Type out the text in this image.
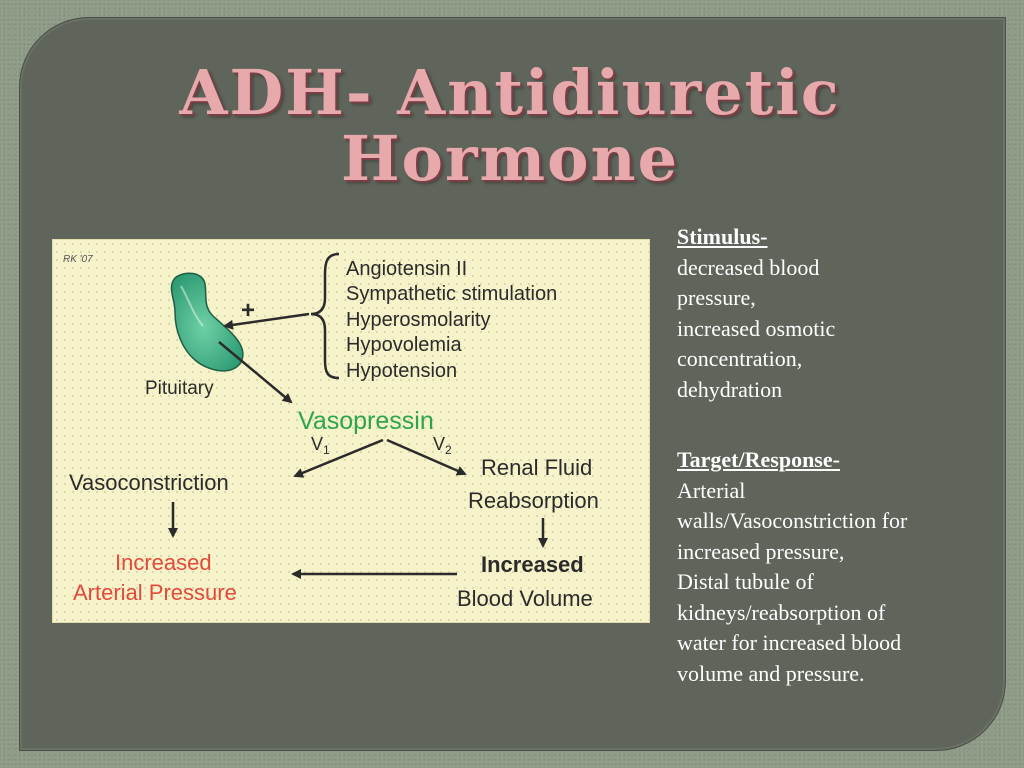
ADH- Antidiuretic
Hormone
RK '07
Pituitary
+
Angiotensin II
Sympathetic stimulation
Hyperosmolarity
Hypovolemia
Hypotension
Vasopressin
$V_1$	$V_2$
Vasoconstriction
Renal Fluid
Reabsorption
Increased
Arterial Pressure
Increased
Blood Volume
Stimulus-
decreased blood
pressure,
increased osmotic
concentration,
dehydration
Target/Response-
Arterial
walls/Vasoconstriction for
increased pressure,
Distal tubule of
kidneys/reabsorption of
water for increased blood
volume and pressure.
